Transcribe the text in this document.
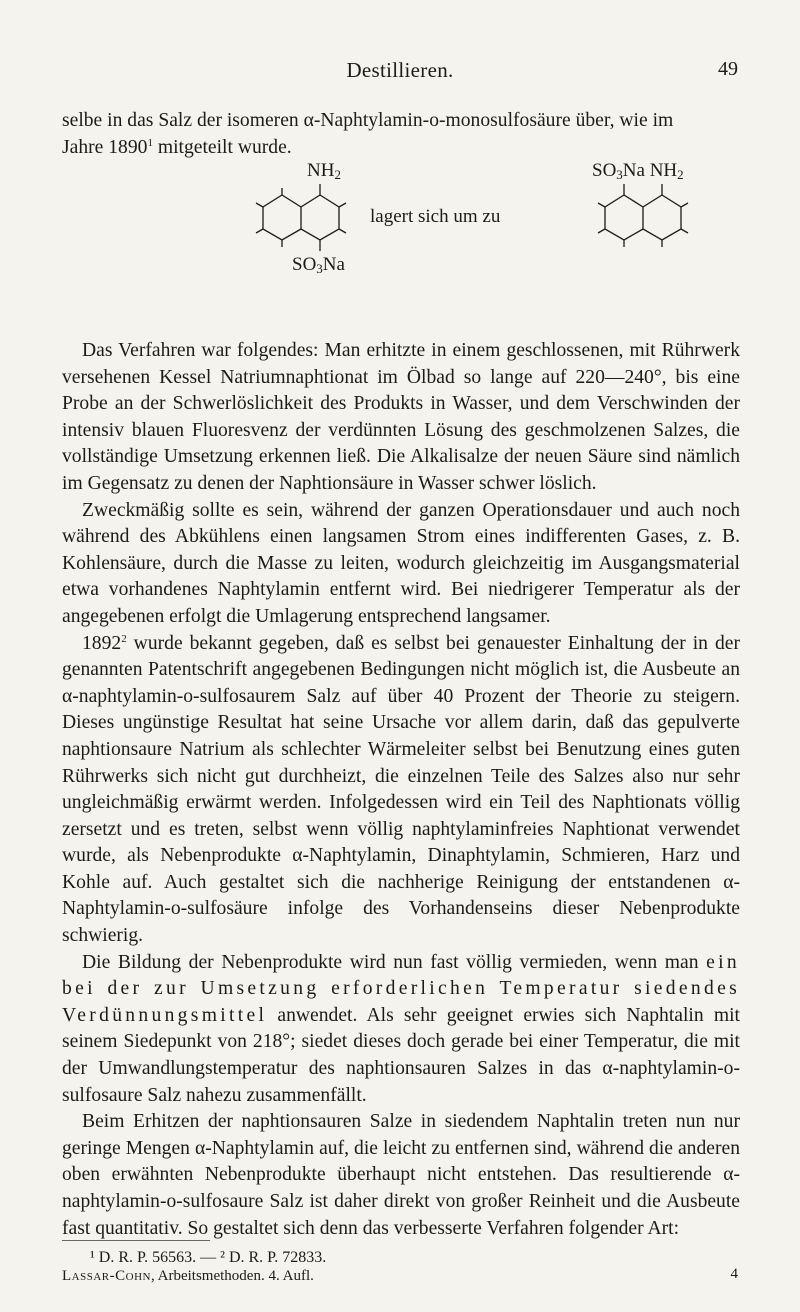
Destillieren.	49

selbe in das Salz der isomeren α-Naphtylamin-o-monosulfosäure über, wie im

Jahre 1890$^1$ mitgeteilt wurde.

$NH_2$
$SO_3Na$
lagert sich um zu
$SO_3Na$ $NH_2$

Das Verfahren war folgendes: Man erhitzte in einem geschlossenen, mit Rührwerk versehenen Kessel Natriumnaphtionat im Ölbad so lange auf 220—240°, bis eine Probe an der Schwerlöslichkeit des Produkts in Wasser, und dem Verschwinden der intensiv blauen Fluoresvenz der verdünnten Lösung des geschmolzenen Salzes, die vollständige Umsetzung erkennen ließ. Die Alkalisalze der neuen Säure sind nämlich im Gegensatz zu denen der Naphtionsäure in Wasser schwer löslich.

Zweckmäßig sollte es sein, während der ganzen Operationsdauer und auch noch während des Abkühlens einen langsamen Strom eines indifferenten Gases, z. B. Kohlensäure, durch die Masse zu leiten, wodurch gleichzeitig im Ausgangsmaterial etwa vorhandenes Naphtylamin entfernt wird. Bei niedrigerer Temperatur als der angegebenen erfolgt die Umlagerung entsprechend langsamer.

1892$^2$ wurde bekannt gegeben, daß es selbst bei genauester Einhaltung der in der genannten Patentschrift angegebenen Bedingungen nicht möglich ist, die Ausbeute an α-naphtylamin-o-sulfosaurem Salz auf über 40 Prozent der Theorie zu steigern. Dieses ungünstige Resultat hat seine Ursache vor allem darin, daß das gepulverte naphtionsaure Natrium als schlechter Wärmeleiter selbst bei Benutzung eines guten Rührwerks sich nicht gut durchheizt, die einzelnen Teile des Salzes also nur sehr ungleichmäßig erwärmt werden. Infolgedessen wird ein Teil des Naphtionats völlig zersetzt und es treten, selbst wenn völlig naphtylaminfreies Naphtionat verwendet wurde, als Nebenprodukte α-Naphtylamin, Dinaphtylamin, Schmieren, Harz und Kohle auf. Auch gestaltet sich die nachherige Reinigung der entstandenen α-Naphtylamin-o-sulfosäure infolge des Vorhandenseins dieser Nebenprodukte schwierig.

Die Bildung der Nebenprodukte wird nun fast völlig vermieden, wenn man ein bei der zur Umsetzung erforderlichen Temperatur siedendes Verdünnungsmittel anwendet. Als sehr geeignet erwies sich Naphtalin mit seinem Siedepunkt von 218°; siedet dieses doch gerade bei einer Temperatur, die mit der Umwandlungstemperatur des naphtionsauren Salzes in das α-naphtylamin-o-sulfosaure Salz nahezu zusammenfällt.

Beim Erhitzen der naphtionsauren Salze in siedendem Naphtalin treten nun nur geringe Mengen α-Naphtylamin auf, die leicht zu entfernen sind, während die anderen oben erwähnten Nebenprodukte überhaupt nicht entstehen. Das resultierende α-naphtylamin-o-sulfosaure Salz ist daher direkt von großer Reinheit und die Ausbeute fast quantitativ. So gestaltet sich denn das verbesserte Verfahren folgender Art:

¹ D. R. P. 56563. — ² D. R. P. 72833.
Lassar-Cohn, Arbeitsmethoden. 4. Aufl.	4
